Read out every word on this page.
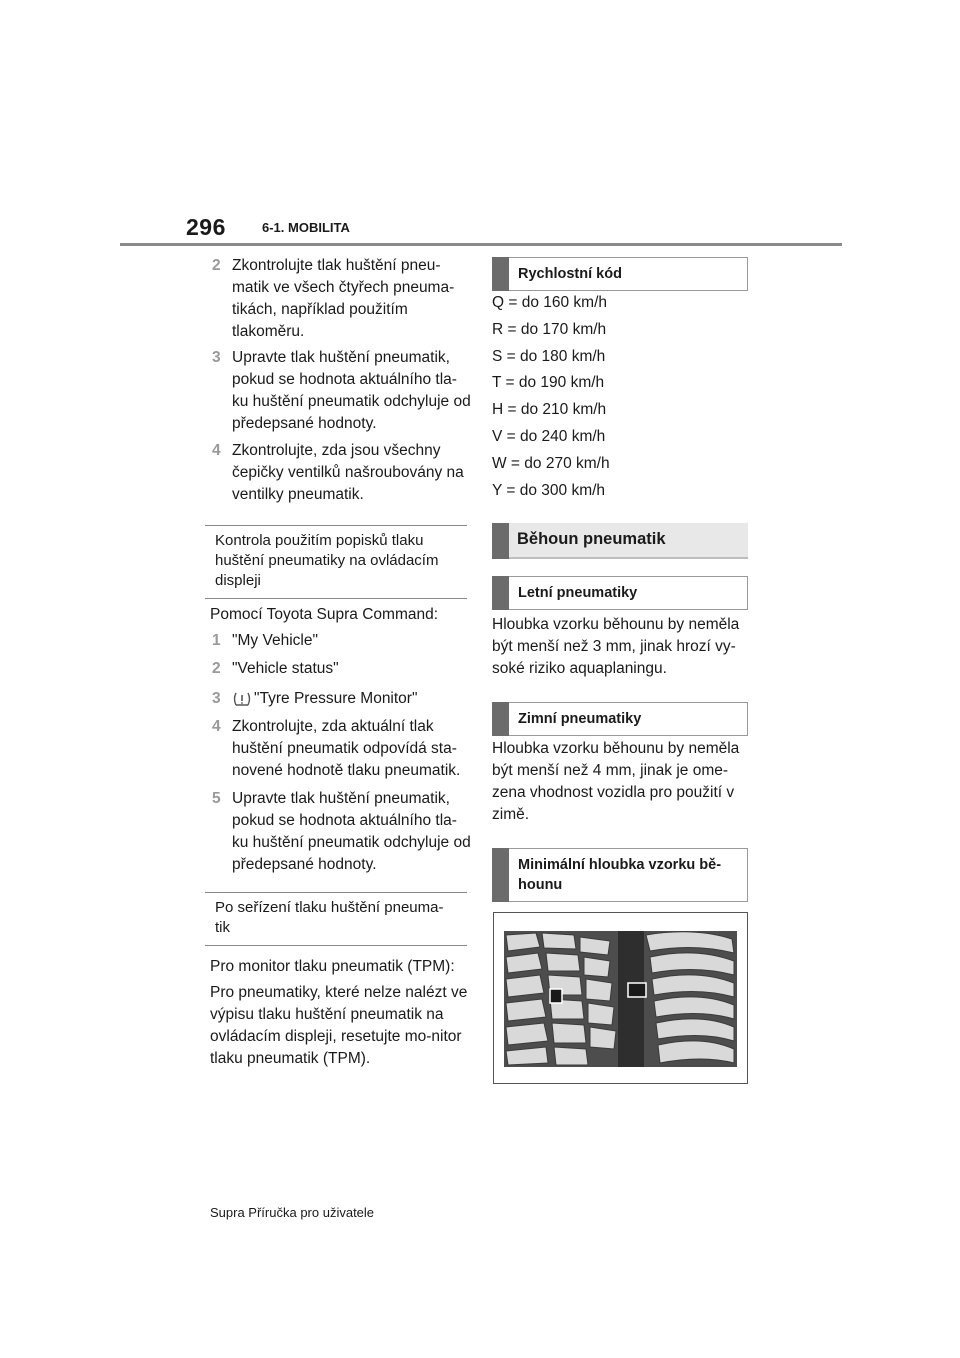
296	6-1. MOBILITA
2 Zkontrolujte tlak huštění pneu-matik ve všech čtyřech pneuma-tikách, například použitím tlakoměru.
3 Upravte tlak huštění pneumatik, pokud se hodnota aktuálního tla-ku huštění pneumatik odchyluje od předepsané hodnoty.
4 Zkontrolujte, zda jsou všechny čepičky ventilků našroubovány na ventilky pneumatik.
Kontrola použitím popisků tlaku huštění pneumatiky na ovládacím displeji
Pomocí Toyota Supra Command:
1 "My Vehicle"
2 "Vehicle status"
3	"Tyre Pressure Monitor"
4 Zkontrolujte, zda aktuální tlak huštění pneumatik odpovídá sta-novené hodnotě tlaku pneumatik.
5 Upravte tlak huštění pneumatik, pokud se hodnota aktuálního tla-ku huštění pneumatik odchyluje od předepsané hodnoty.
Po seřízení tlaku huštění pneuma-tik
Pro monitor tlaku pneumatik (TPM):
Pro pneumatiky, které nelze nalézt ve výpisu tlaku huštění pneumatik na ovládacím displeji, resetujte mo-nitor tlaku pneumatik (TPM).
Rychlostní kód
Q = do 160 km/h
R = do 170 km/h
S = do 180 km/h
T = do 190 km/h
H = do 210 km/h
V = do 240 km/h
W = do 270 km/h
Y = do 300 km/h
Běhoun pneumatik
Letní pneumatiky
Hloubka vzorku běhounu by neměla být menší než 3 mm, jinak hrozí vy-soké riziko aquaplaningu.
Zimní pneumatiky
Hloubka vzorku běhounu by neměla být menší než 4 mm, jinak je ome-zena vhodnost vozidla pro použití v zimě.
Minimální hloubka vzorku bě-hounu
Supra Příručka pro uživatele
